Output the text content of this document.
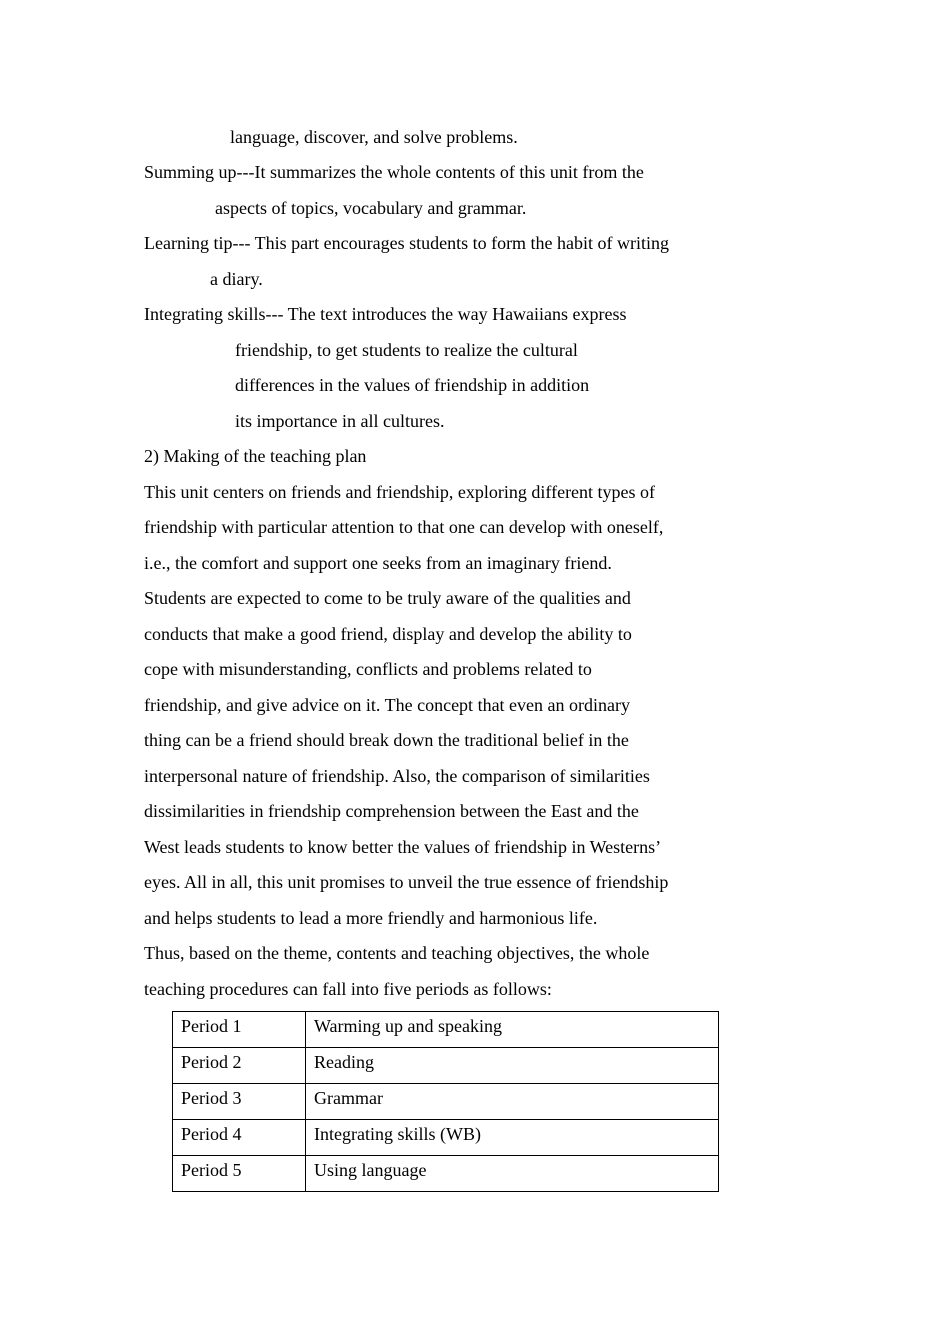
language, discover, and solve problems.
Summing up---It summarizes the whole contents of this unit from the
aspects of topics, vocabulary and grammar.
Learning tip--- This part encourages students to form the habit of writing
a diary.
Integrating skills--- The text introduces the way Hawaiians express
friendship, to get students to realize the cultural
differences in the values of friendship in addition
its importance in all cultures.
2) Making of the teaching plan
This unit centers on friends and friendship, exploring different types of
friendship with particular attention to that one can develop with oneself,
i.e., the comfort and support one seeks from an imaginary friend.
Students are expected to come to be truly aware of the qualities and
conducts that make a good friend, display and develop the ability to
cope with misunderstanding, conflicts and problems related to
friendship, and give advice on it. The concept that even an ordinary
thing can be a friend should break down the traditional belief in the
interpersonal nature of friendship. Also, the comparison of similarities
dissimilarities in friendship comprehension between the East and the
West leads students to know better the values of friendship in Westerns’
eyes. All in all, this unit promises to unveil the true essence of friendship
and helps students to lead a more friendly and harmonious life.
Thus, based on the theme, contents and teaching objectives, the whole
teaching procedures can fall into five periods as follows:
Period 1	Warming up and speaking
Period 2	Reading
Period 3	Grammar
Period 4	Integrating skills (WB)
Period 5	Using language
